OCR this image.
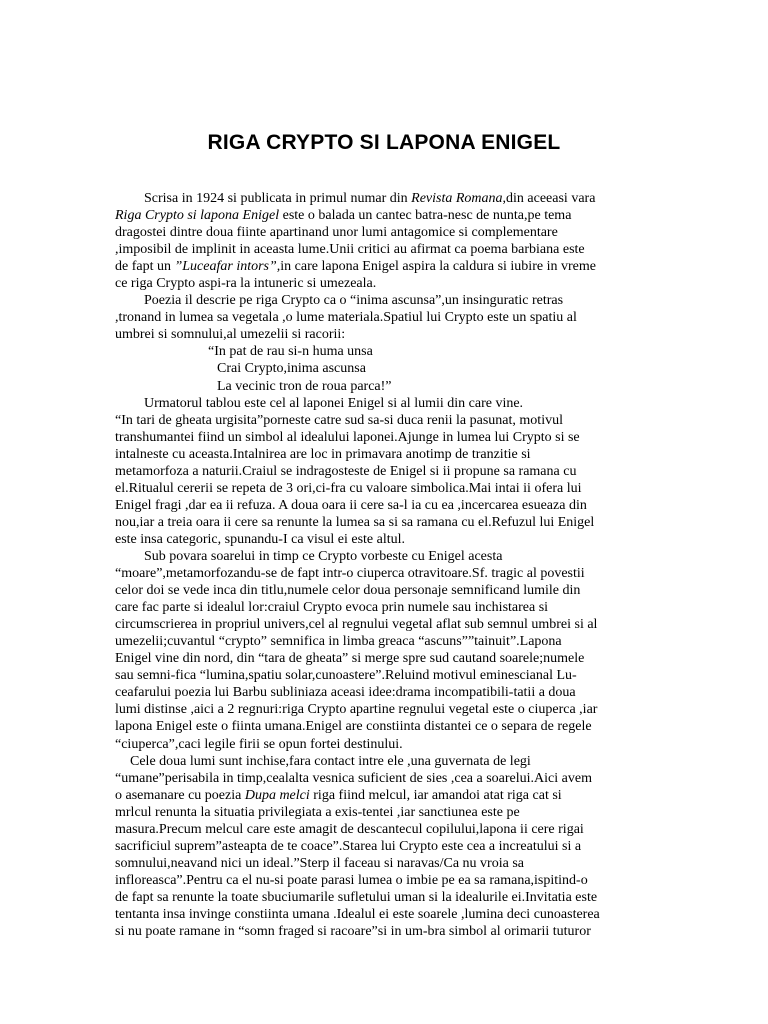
RIGA CRYPTO SI LAPONA ENIGEL
Scrisa in 1924 si publicata in primul numar din Revista Romana,din aceeasi vara
Riga Crypto si lapona Enigel este o balada un cantec batra-nesc de nunta,pe tema
dragostei dintre doua fiinte apartinand unor lumi antagomice si complementare
,imposibil de implinit in aceasta lume.Unii critici au afirmat ca poema barbiana este
de fapt un ”Luceafar intors”,in care lapona Enigel aspira la caldura si iubire in vreme
ce riga Crypto aspi-ra la intuneric si umezeala.
Poezia il descrie pe riga Crypto ca o “inima ascunsa”,un insinguratic retras
,tronand in lumea sa vegetala ,o lume materiala.Spatiul lui Crypto este un spatiu al
umbrei si somnului,al umezelii si racorii:
“In pat de rau si-n huma unsa
Crai Crypto,inima ascunsa
La vecinic tron de roua parca!”
Urmatorul tablou este cel al laponei Enigel si al lumii din care vine.
“In tari de gheata urgisita”porneste catre sud sa-si duca renii la pasunat, motivul
transhumantei fiind un simbol al idealului laponei.Ajunge in lumea lui Crypto si se
intalneste cu aceasta.Intalnirea are loc in primavara anotimp de tranzitie si
metamorfoza a naturii.Craiul se indragosteste de Enigel si ii propune sa ramana cu
el.Ritualul cererii se repeta de 3 ori,ci-fra cu valoare simbolica.Mai intai ii ofera lui
Enigel fragi ,dar ea ii refuza. A doua oara ii cere sa-l ia cu ea ,incercarea esueaza din
nou,iar a treia oara ii cere sa renunte la lumea sa si sa ramana cu el.Refuzul lui Enigel
este insa categoric, spunandu-I ca visul ei este altul.
Sub povara soarelui in timp ce Crypto vorbeste cu Enigel acesta
“moare”,metamorfozandu-se de fapt intr-o ciuperca otravitoare.Sf. tragic al povestii
celor doi se vede inca din titlu,numele celor doua personaje semnificand lumile din
care fac parte si idealul lor:craiul Crypto evoca prin numele sau inchistarea si
circumscrierea in propriul univers,cel al regnului vegetal aflat sub semnul umbrei si al
umezelii;cuvantul “crypto” semnifica in limba greaca “ascuns””tainuit”.Lapona
Enigel vine din nord, din “tara de gheata” si merge spre sud cautand soarele;numele
sau semni-fica “lumina,spatiu solar,cunoastere”.Reluind motivul eminescianal Lu-
ceafarului poezia lui Barbu subliniaza aceasi idee:drama incompatibili-tatii a doua
lumi distinse ,aici a 2 regnuri:riga Crypto apartine regnului vegetal este o ciuperca ,iar
lapona Enigel este o fiinta umana.Enigel are constiinta distantei ce o separa de regele
“ciuperca”,caci legile firii se opun fortei destinului.
Cele doua lumi sunt inchise,fara contact intre ele ,una guvernata de legi
“umane”perisabila in timp,cealalta vesnica suficient de sies ,cea a soarelui.Aici avem
o asemanare cu poezia Dupa melci riga fiind melcul, iar amandoi atat riga cat si
mrlcul renunta la situatia privilegiata a exis-tentei ,iar sanctiunea este pe
masura.Precum melcul care este amagit de descantecul copilului,lapona ii cere rigai
sacrificiul suprem”asteapta de te coace”.Starea lui Crypto este cea a increatului si a
somnului,neavand nici un ideal.”Sterp il faceau si naravas/Ca nu vroia sa
infloreasca”.Pentru ca el nu-si poate parasi lumea o imbie pe ea sa ramana,ispitind-o
de fapt sa renunte la toate sbuciumarile sufletului uman si la idealurile ei.Invitatia este
tentanta insa invinge constiinta umana .Idealul ei este soarele ,lumina deci cunoasterea
si nu poate ramane in “somn fraged si racoare”si in um-bra simbol al orimarii tuturor
